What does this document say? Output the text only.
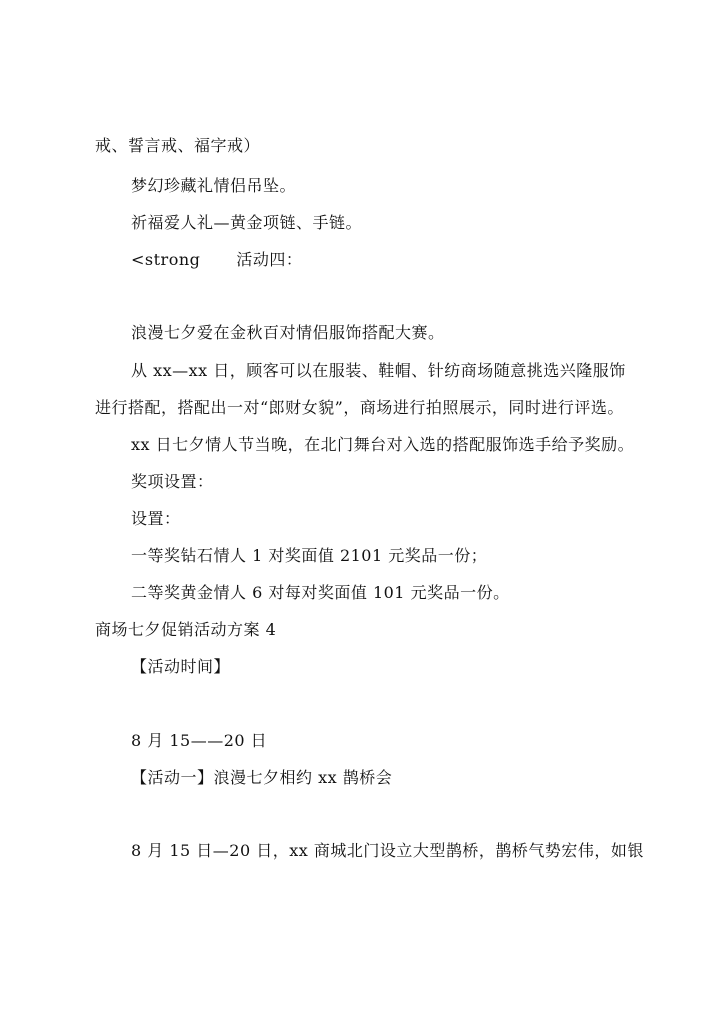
戒、誓言戒、福字戒）
梦幻珍藏礼情侣吊坠。
祈福爱人礼—黄金项链、手链。
<strong 活动四：
浪漫七夕爱在金秋百对情侣服饰搭配大赛。
从 xx—xx 日，顾客可以在服装、鞋帽、针纺商场随意挑选兴隆服饰
进行搭配，搭配出一对“郎财女貌”，商场进行拍照展示，同时进行评选。
xx 日七夕情人节当晚，在北门舞台对入选的搭配服饰选手给予奖励。
奖项设置：
设置：
一等奖钻石情人 1 对奖面值 2101 元奖品一份；
二等奖黄金情人 6 对每对奖面值 101 元奖品一份。
商场七夕促销活动方案 4
【活动时间】
8 月 15——20 日
【活动一】浪漫七夕相约 xx 鹊桥会
8 月 15 日—20 日，xx 商城北门设立大型鹊桥，鹊桥气势宏伟，如银
